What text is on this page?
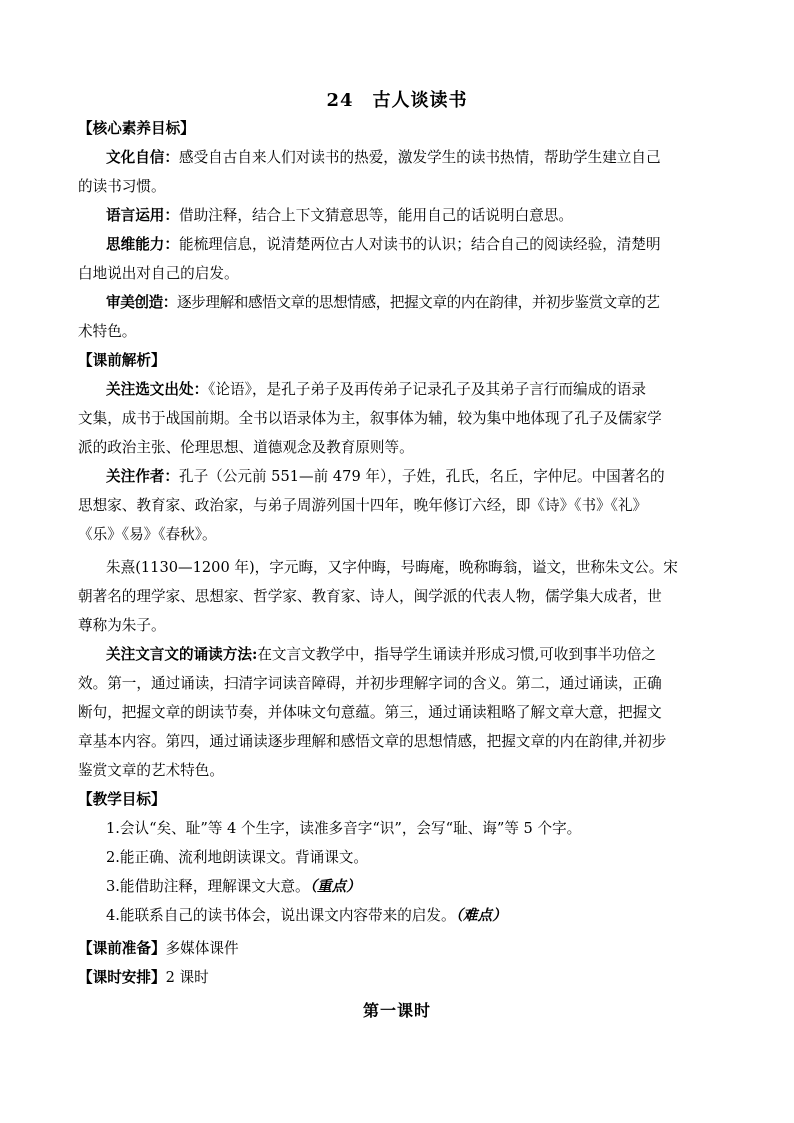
24　古人谈读书
【核心素养目标】
文化自信：感受自古自来人们对读书的热爱，激发学生的读书热情，帮助学生建立自己
的读书习惯。
语言运用：借助注释，结合上下文猜意思等，能用自己的话说明白意思。
思维能力：能梳理信息，说清楚两位古人对读书的认识；结合自己的阅读经验，清楚明
白地说出对自己的启发。
审美创造：逐步理解和感悟文章的思想情感，把握文章的内在韵律，并初步鉴赏文章的艺
术特色。
【课前解析】
关注选文出处：《论语》，是孔子弟子及再传弟子记录孔子及其弟子言行而编成的语录
文集，成书于战国前期。全书以语录体为主，叙事体为辅，较为集中地体现了孔子及儒家学
派的政治主张、伦理思想、道德观念及教育原则等。
关注作者：孔子（公元前 551—前 479 年），子姓，孔氏，名丘，字仲尼。中国著名的
思想家、教育家、政治家，与弟子周游列国十四年，晚年修订六经，即《诗》《书》《礼》
《乐》《易》《春秋》。
朱熹(1130—1200 年)，字元晦，又字仲晦，号晦庵，晚称晦翁，谥文，世称朱文公。宋
朝著名的理学家、思想家、哲学家、教育家、诗人，闽学派的代表人物，儒学集大成者，世
尊称为朱子。
关注文言文的诵读方法:在文言文教学中，指导学生诵读并形成习惯,可收到事半功倍之
效。第一，通过诵读，扫清字词读音障碍，并初步理解字词的含义。第二，通过诵读，正确
断句，把握文章的朗读节奏，并体味文句意蕴。第三，通过诵读粗略了解文章大意，把握文
章基本内容。第四，通过诵读逐步理解和感悟文章的思想情感，把握文章的内在韵律,并初步
鉴赏文章的艺术特色。
【教学目标】
1.会认“矣、耻”等 4 个生字，读准多音字“识”，会写“耻、诲”等 5 个字。
2.能正确、流利地朗读课文。背诵课文。
3.能借助注释，理解课文大意。（重点）
4.能联系自己的读书体会，说出课文内容带来的启发。（难点）
【课前准备】多媒体课件
【课时安排】2 课时
第一课时
